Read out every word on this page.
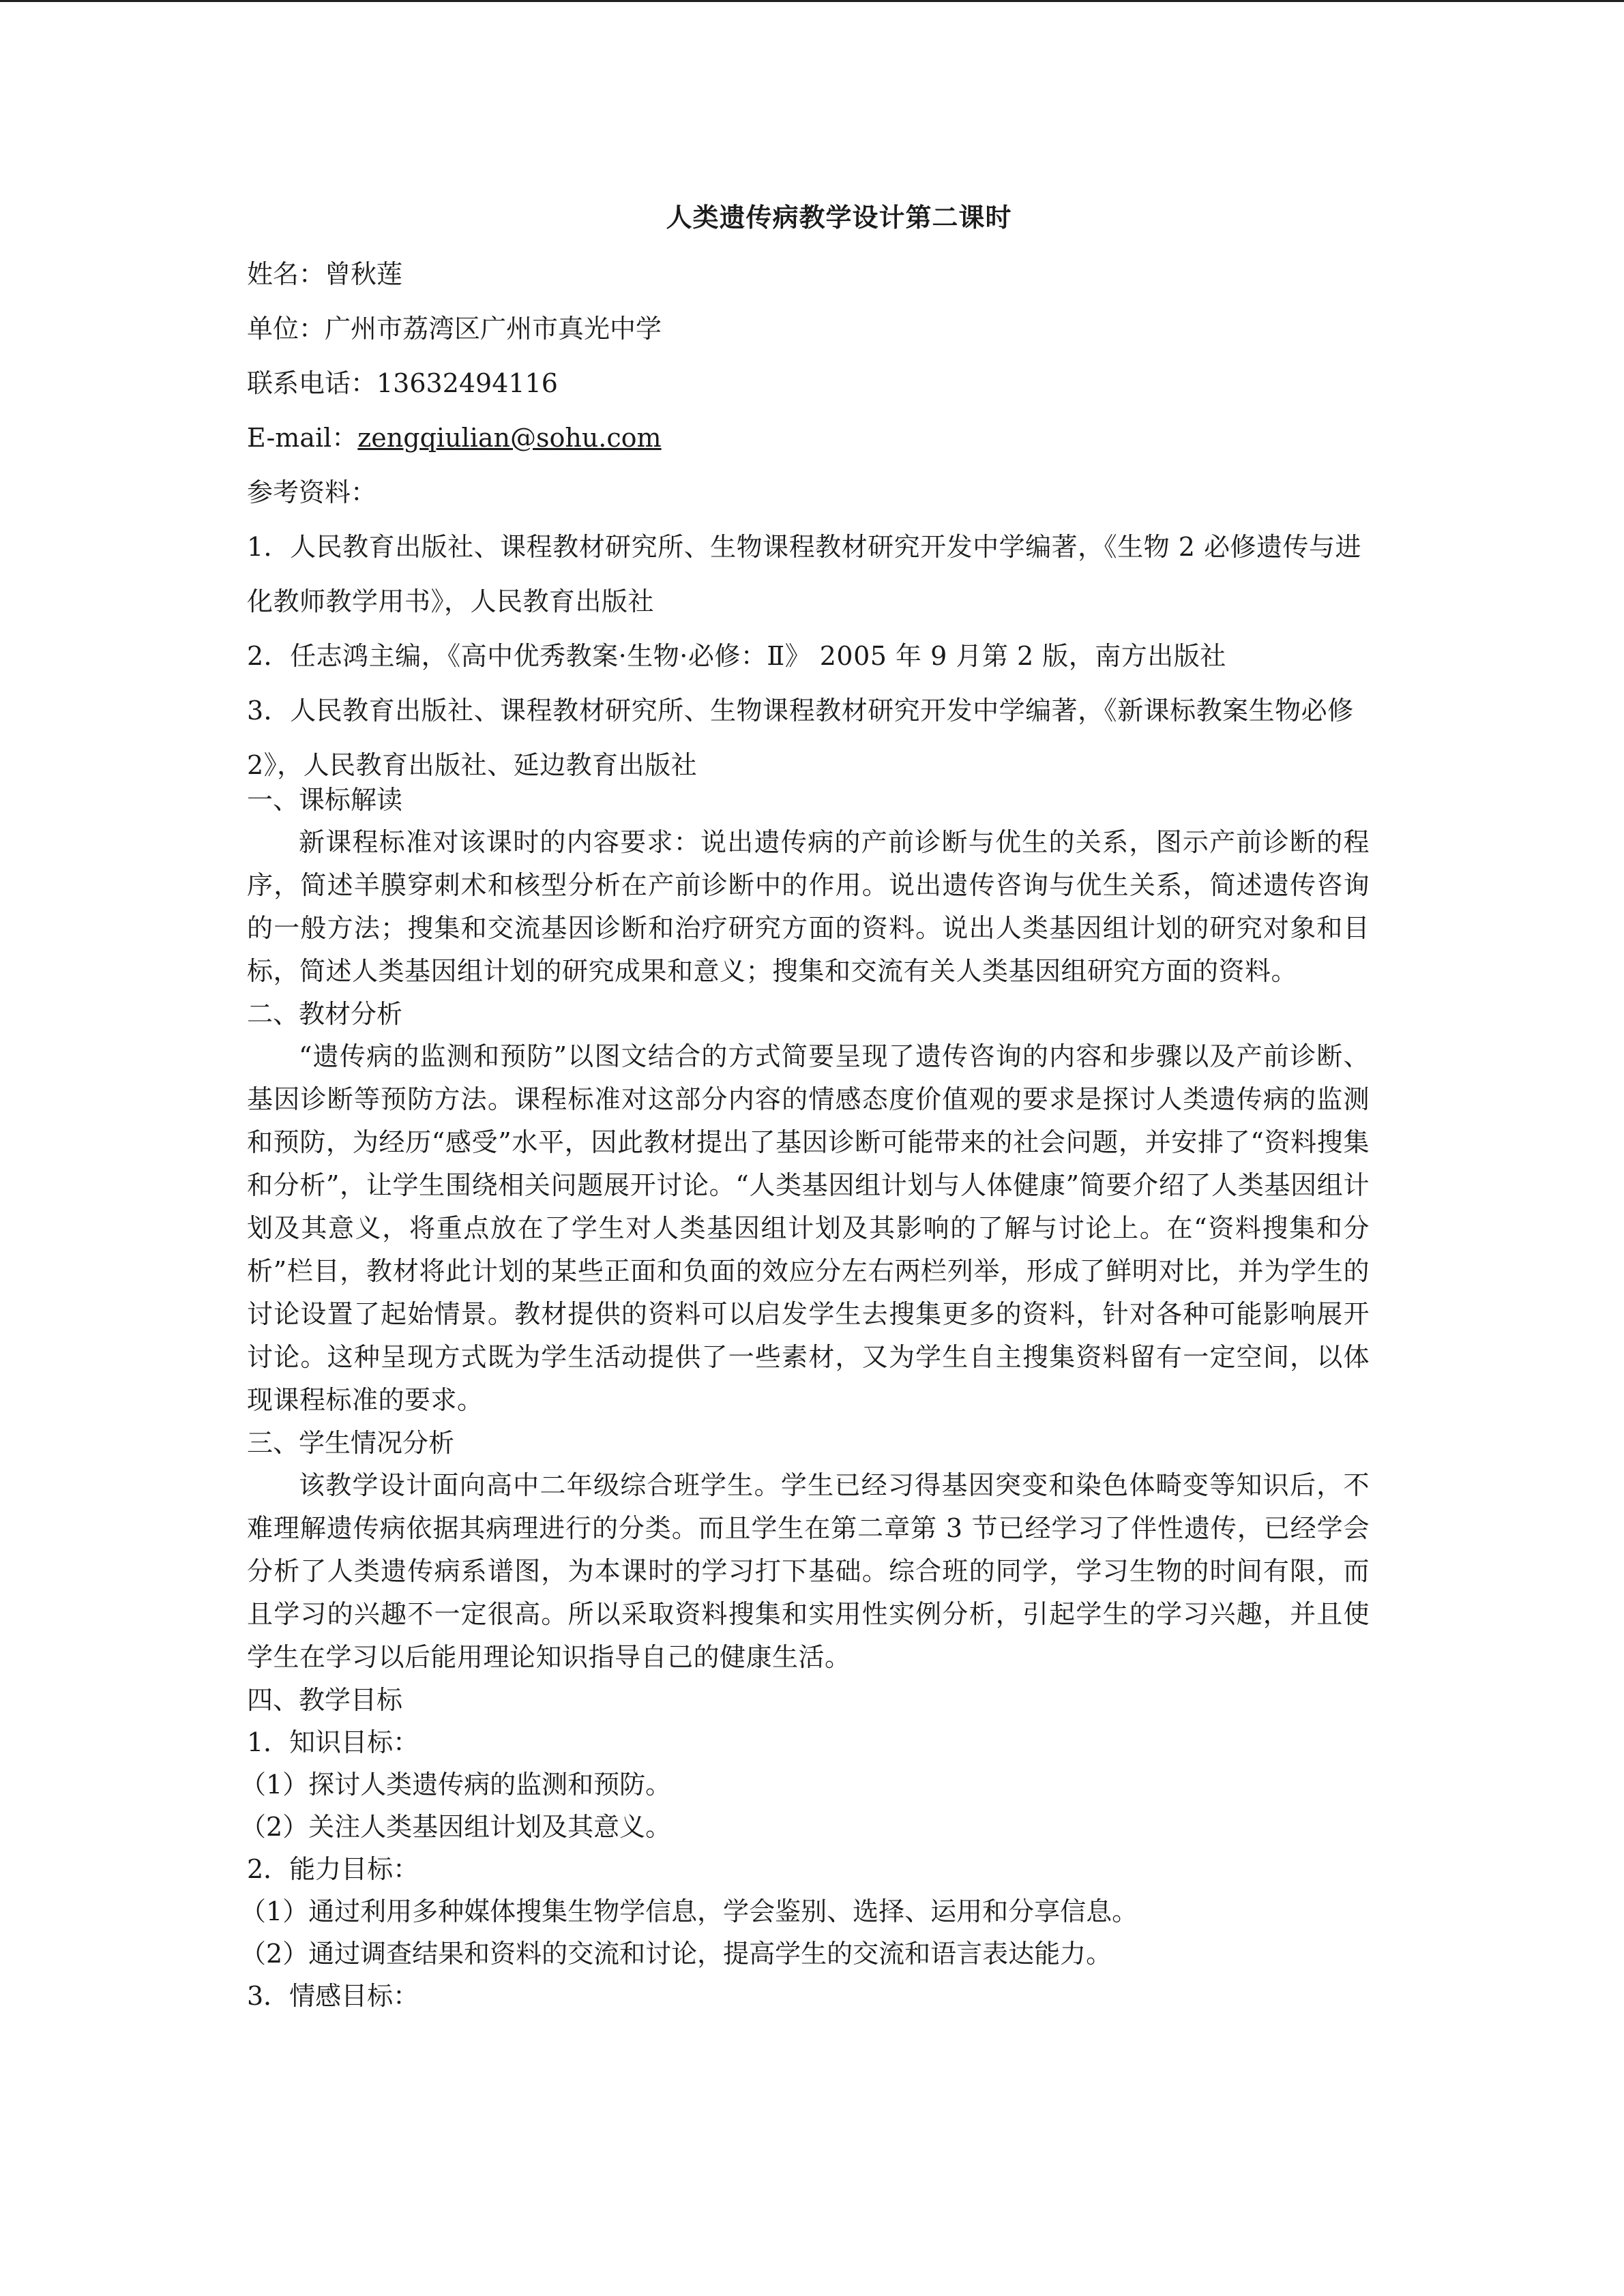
人类遗传病教学设计第二课时

姓名：曾秋莲

单位：广州市荔湾区广州市真光中学

联系电话：13632494116

E-mail：zengqiulian@sohu.com

参考资料：

1．人民教育出版社、课程教材研究所、生物课程教材研究开发中学编著，《生物 2 必修遗传与进化教师教学用书》，人民教育出版社

2．任志鸿主编，《高中优秀教案·生物·必修：Ⅱ》 2005 年 9 月第 2 版，南方出版社

3．人民教育出版社、课程教材研究所、生物课程教材研究开发中学编著，《新课标教案生物必修 2》，人民教育出版社、延边教育出版社

一、课标解读

新课程标准对该课时的内容要求：说出遗传病的产前诊断与优生的关系，图示产前诊断的程序，简述羊膜穿刺术和核型分析在产前诊断中的作用。说出遗传咨询与优生关系，简述遗传咨询的一般方法；搜集和交流基因诊断和治疗研究方面的资料。说出人类基因组计划的研究对象和目标，简述人类基因组计划的研究成果和意义；搜集和交流有关人类基因组研究方面的资料。

二、教材分析

“遗传病的监测和预防”以图文结合的方式简要呈现了遗传咨询的内容和步骤以及产前诊断、基因诊断等预防方法。课程标准对这部分内容的情感态度价值观的要求是探讨人类遗传病的监测和预防，为经历“感受”水平，因此教材提出了基因诊断可能带来的社会问题，并安排了“资料搜集和分析”，让学生围绕相关问题展开讨论。“人类基因组计划与人体健康”简要介绍了人类基因组计划及其意义，将重点放在了学生对人类基因组计划及其影响的了解与讨论上。在“资料搜集和分析”栏目，教材将此计划的某些正面和负面的效应分左右两栏列举，形成了鲜明对比，并为学生的讨论设置了起始情景。教材提供的资料可以启发学生去搜集更多的资料，针对各种可能影响展开讨论。这种呈现方式既为学生活动提供了一些素材，又为学生自主搜集资料留有一定空间，以体现课程标准的要求。

三、学生情况分析

该教学设计面向高中二年级综合班学生。学生已经习得基因突变和染色体畸变等知识后，不难理解遗传病依据其病理进行的分类。而且学生在第二章第 3 节已经学习了伴性遗传，已经学会分析了人类遗传病系谱图，为本课时的学习打下基础。综合班的同学，学习生物的时间有限，而且学习的兴趣不一定很高。所以采取资料搜集和实用性实例分析，引起学生的学习兴趣，并且使学生在学习以后能用理论知识指导自己的健康生活。

四、教学目标

1．知识目标：

（1）探讨人类遗传病的监测和预防。

（2）关注人类基因组计划及其意义。

2．能力目标：

（1）通过利用多种媒体搜集生物学信息，学会鉴别、选择、运用和分享信息。

（2）通过调查结果和资料的交流和讨论，提高学生的交流和语言表达能力。

3．情感目标：
